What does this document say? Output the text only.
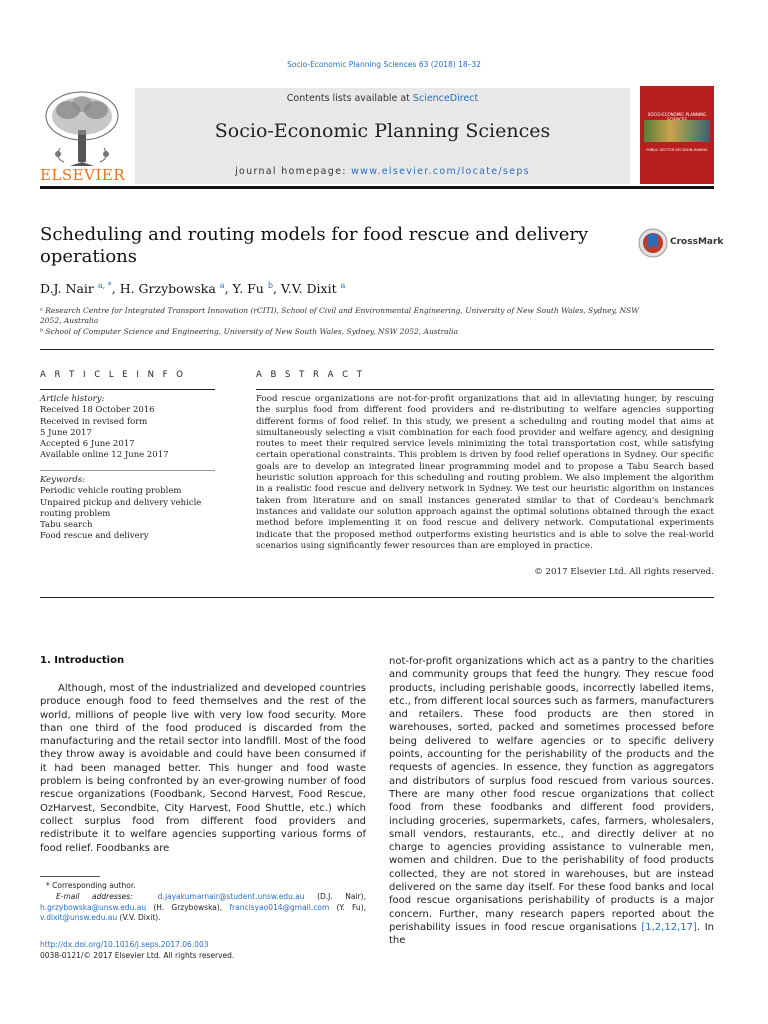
Socio-Economic Planning Sciences 63 (2018) 18–32
ELSEVIER
Contents lists available at ScienceDirect
Socio-Economic Planning Sciences
journal homepage: www.elsevier.com/locate/seps
SOCIO-ECONOMIC PLANNING
PUBLIC SECTOR DECISION-MAKING
Scheduling and routing models for food rescue and delivery operations
CrossMark
D.J. Nair $^{a, *}$, H. Grzybowska $^a$, Y. Fu $^b$, V.V. Dixit $^a$
ᵃ Research Centre for Integrated Transport Innovation (rCITI), School of Civil and Environmental Engineering, University of New South Wales, Sydney, NSW 2052, Australia
ᵇ School of Computer Science and Engineering, University of New South Wales, Sydney, NSW 2052, Australia
A R T I C L E I N F O
Article history:
Received 18 October 2016
Received in revised form
5 June 2017
Accepted 6 June 2017
Available online 12 June 2017
Keywords:
Periodic vehicle routing problem
Unpaired pickup and delivery vehicle
routing problem
Tabu search
Food rescue and delivery
A B S T R A C T
Food rescue organizations are not-for-profit organizations that aid in alleviating hunger, by rescuing the surplus food from different food providers and re-distributing to welfare agencies supporting different forms of food relief. In this study, we present a scheduling and routing model that aims at simultaneously selecting a visit combination for each food provider and welfare agency, and designing routes to meet their required service levels minimizing the total transportation cost, while satisfying certain operational constraints. This problem is driven by food relief operations in Sydney. Our specific goals are to develop an integrated linear programming model and to propose a Tabu Search based heuristic solution approach for this scheduling and routing problem. We also implement the algorithm in a realistic food rescue and delivery network in Sydney. We test our heuristic algorithm on instances taken from literature and on small instances generated similar to that of Cordeau's benchmark instances and validate our solution approach against the optimal solutions obtained through the exact method before implementing it on food rescue and delivery network. Computational experiments indicate that the proposed method outperforms existing heuristics and is able to solve the real-world scenarios using significantly fewer resources than are employed in practice.
© 2017 Elsevier Ltd. All rights reserved.
1. Introduction
Although, most of the industrialized and developed countries produce enough food to feed themselves and the rest of the world, millions of people live with very low food security. More than one third of the food produced is discarded from the manufacturing and the retail sector into landfill. Most of the food they throw away is avoidable and could have been consumed if it had been managed better. This hunger and food waste problem is being confronted by an ever-growing number of food rescue organizations (Foodbank, Second Harvest, Food Rescue, OzHarvest, Secondbite, City Harvest, Food Shuttle, etc.) which collect surplus food from different food providers and redistribute it to welfare agencies supporting various forms of food relief. Foodbanks are
not-for-profit organizations which act as a pantry to the charities and community groups that feed the hungry. They rescue food products, including perishable goods, incorrectly labelled items, etc., from different local sources such as farmers, manufacturers and retailers. These food products are then stored in warehouses, sorted, packed and sometimes processed before being delivered to welfare agencies or to specific delivery points, accounting for the perishability of the products and the requests of agencies. In essence, they function as aggregators and distributors of surplus food rescued from various sources. There are many other food rescue organizations that collect food from these foodbanks and different food providers, including groceries, supermarkets, cafes, farmers, wholesalers, small vendors, restaurants, etc., and directly deliver at no charge to agencies providing assistance to vulnerable men, women and children. Due to the perishability of food products collected, they are not stored in warehouses, but are instead delivered on the same day itself. For these food banks and local food rescue organisations perishability of products is a major concern. Further, many research papers reported about the perishability issues in food rescue organisations [1,2,12,17]. In the
* Corresponding author.
E-mail addresses:	d.jayakumarnair@student.unsw.edu.au (D.J. Nair), h.grzybowska@unsw.edu.au (H. Grzybowska), francisyao014@gmail.com (Y. Fu), v.dixit@unsw.edu.au (V.V. Dixit).
http://dx.doi.org/10.1016/j.seps.2017.06.003
0038-0121/© 2017 Elsevier Ltd. All rights reserved.
